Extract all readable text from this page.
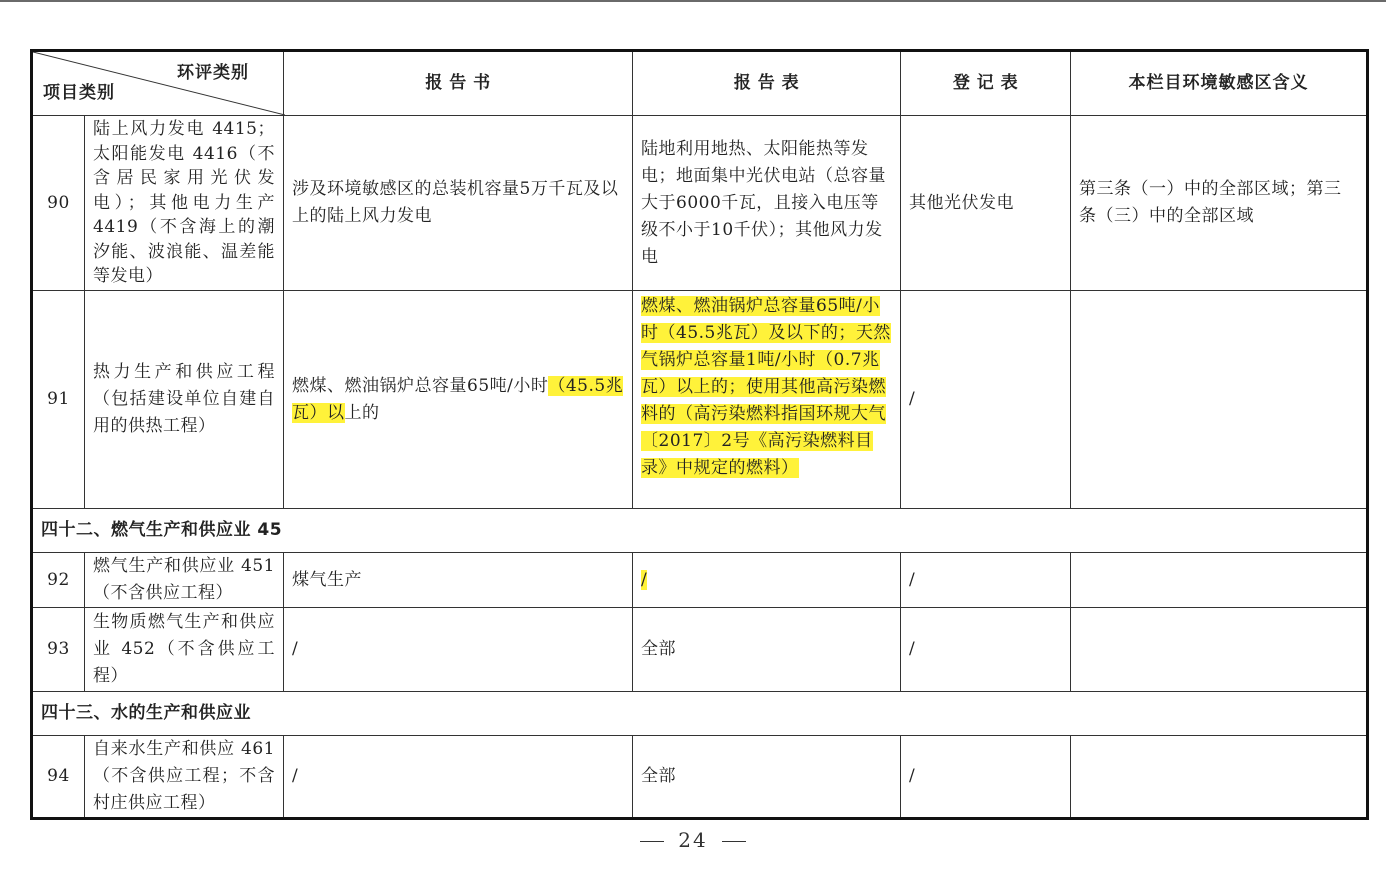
环评类别
项目类别		报 告 书	报 告 表	登 记 表	本栏目环境敏感区含义
90	陆上风力发电 4415；太阳能发电 4416（不含居民家用光伏发电）；其他电力生产 4419（不含海上的潮汐能、波浪能、温差能等发电）	涉及环境敏感区的总装机容量5万千瓦及以上的陆上风力发电	陆地利用地热、太阳能热等发电；地面集中光伏电站（总容量大于6000千瓦，且接入电压等级不小于10千伏）；其他风力发电	其他光伏发电	第三条（一）中的全部区域；第三条（三）中的全部区域
91	热力生产和供应工程（包括建设单位自建自用的供热工程）	燃煤、燃油锅炉总容量65吨/小时（45.5兆瓦）以上的	燃煤、燃油锅炉总容量65吨/小时（45.5兆瓦）及以下的；天然气锅炉总容量1吨/小时（0.7兆瓦）以上的；使用其他高污染燃料的（高污染燃料指国环规大气〔2017〕2号《高污染燃料目录》中规定的燃料）	/	
四十二、燃气生产和供应业 45					
92	燃气生产和供应业 451（不含供应工程）	煤气生产	/	/	
93	生物质燃气生产和供应业 452（不含供应工程）	/	全部	/	
四十三、水的生产和供应业					
94	自来水生产和供应 461（不含供应工程；不含村庄供应工程）	/	全部	/	
24
